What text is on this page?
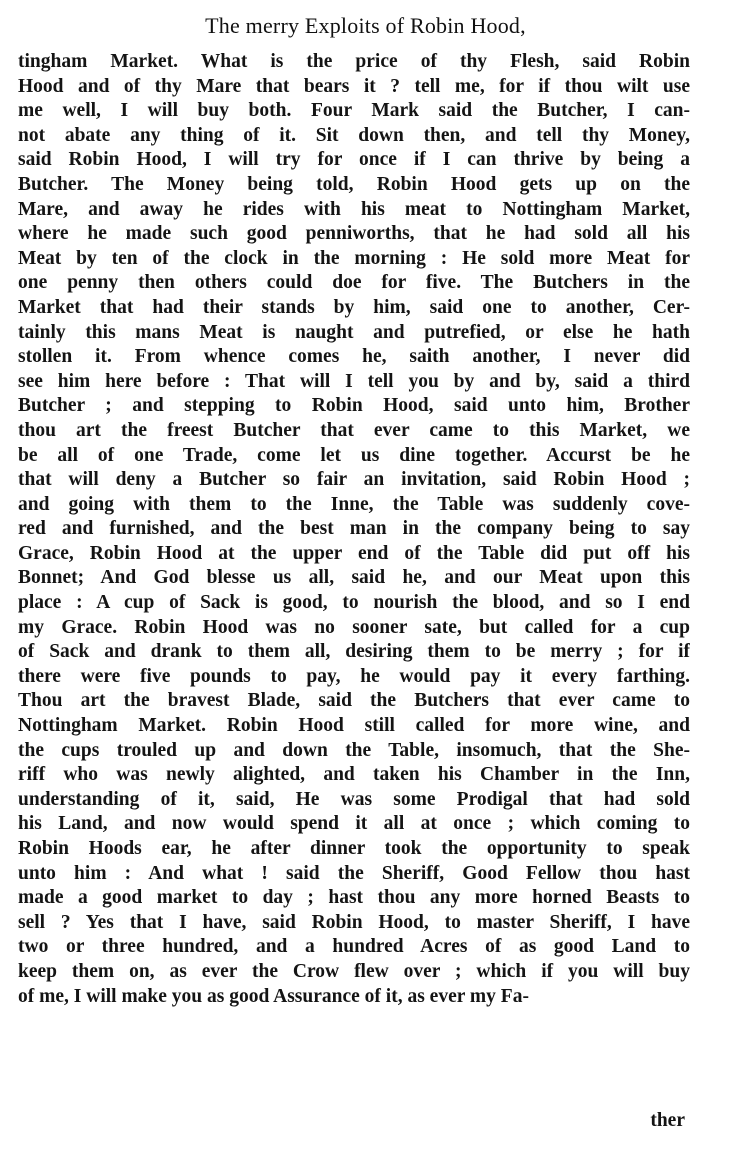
The merry Exploits of Robin Hood,
tingham Market. What is the price of thy Flesh, said Robin
Hood and of thy Mare that bears it ? tell me, for if thou wilt use
me well, I will buy both. Four Mark said the Butcher, I can-
not abate any thing of it. Sit down then, and tell thy Money,
said Robin Hood, I will try for once if I can thrive by being a
Butcher. The Money being told, Robin Hood gets up on the
Mare, and away he rides with his meat to Nottingham Market,
where he made such good penniworths, that he had sold all his
Meat by ten of the clock in the morning : He sold more Meat for
one penny then others could doe for five. The Butchers in the
Market that had their stands by him, said one to another, Cer-
tainly this mans Meat is naught and putrefied, or else he hath
stollen it. From whence comes he, saith another, I never did
see him here before : That will I tell you by and by, said a third
Butcher ; and stepping to Robin Hood, said unto him, Brother
thou art the freest Butcher that ever came to this Market, we
be all of one Trade, come let us dine together. Accurst be he
that will deny a Butcher so fair an invitation, said Robin Hood ;
and going with them to the Inne, the Table was suddenly cove-
red and furnished, and the best man in the company being to say
Grace, Robin Hood at the upper end of the Table did put off his
Bonnet; And God blesse us all, said he, and our Meat upon this
place : A cup of Sack is good, to nourish the blood, and so I end
my Grace. Robin Hood was no sooner sate, but called for a cup
of Sack and drank to them all, desiring them to be merry ; for if
there were five pounds to pay, he would pay it every farthing.
Thou art the bravest Blade, said the Butchers that ever came to
Nottingham Market. Robin Hood still called for more wine, and
the cups trouled up and down the Table, insomuch, that the She-
riff who was newly alighted, and taken his Chamber in the Inn,
understanding of it, said, He was some Prodigal that had sold
his Land, and now would spend it all at once ; which coming to
Robin Hoods ear, he after dinner took the opportunity to speak
unto him : And what ! said the Sheriff, Good Fellow thou hast
made a good market to day ; hast thou any more horned Beasts to
sell ? Yes that I have, said Robin Hood, to master Sheriff, I have
two or three hundred, and a hundred Acres of as good Land to
keep them on, as ever the Crow flew over ; which if you will buy
of me, I will make you as good Assurance of it, as ever my Fa-
ther
